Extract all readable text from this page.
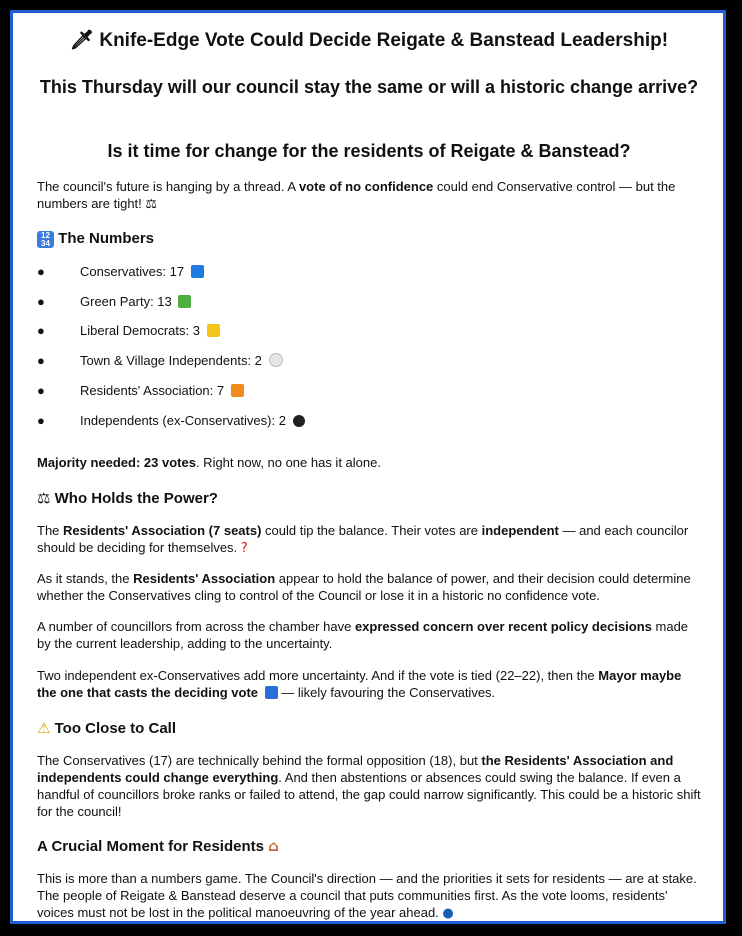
🗡 Knife-Edge Vote Could Decide Reigate & Banstead Leadership!
This Thursday will our council stay the same or will a historic change arrive?
Is it time for change for the residents of Reigate & Banstead?

The council's future is hanging by a thread. A vote of no confidence could end Conservative control — but the numbers are tight! ⚖

12
34 The Numbers
●	Conservatives: 17
●	Green Party: 13
●	Liberal Democrats: 3
●	Town & Village Independents: 2
●	Residents' Association: 7
●	Independents (ex-Conservatives): 2

Majority needed: 23 votes. Right now, no one has it alone.

⚖ Who Holds the Power?

The Residents' Association (7 seats) could tip the balance. Their votes are independent — and each councilor should be deciding for themselves. ?

As it stands, the Residents' Association appear to hold the balance of power, and their decision could determine whether the Conservatives cling to control of the Council or lose it in a historic no confidence vote.

A number of councillors from across the chamber have expressed concern over recent policy decisions made by the current leadership, adding to the uncertainty.

Two independent ex-Conservatives add more uncertainty. And if the vote is tied (22–22), then the Mayor maybe the one that casts the deciding vote  — likely favouring the Conservatives.

⚠ Too Close to Call

The Conservatives (17) are technically behind the formal opposition (18), but the Residents' Association and independents could change everything. And then abstentions or absences could swing the balance. If even a handful of councillors broke ranks or failed to attend, the gap could narrow significantly. This could be a historic shift for the council!

A Crucial Moment for Residents ⌂

This is more than a numbers game. The Council's direction — and the priorities it sets for residents — are at stake. The people of Reigate & Banstead deserve a council that puts communities first. As the vote looms, residents' voices must not be lost in the political manoeuvring of the year ahead. ●
